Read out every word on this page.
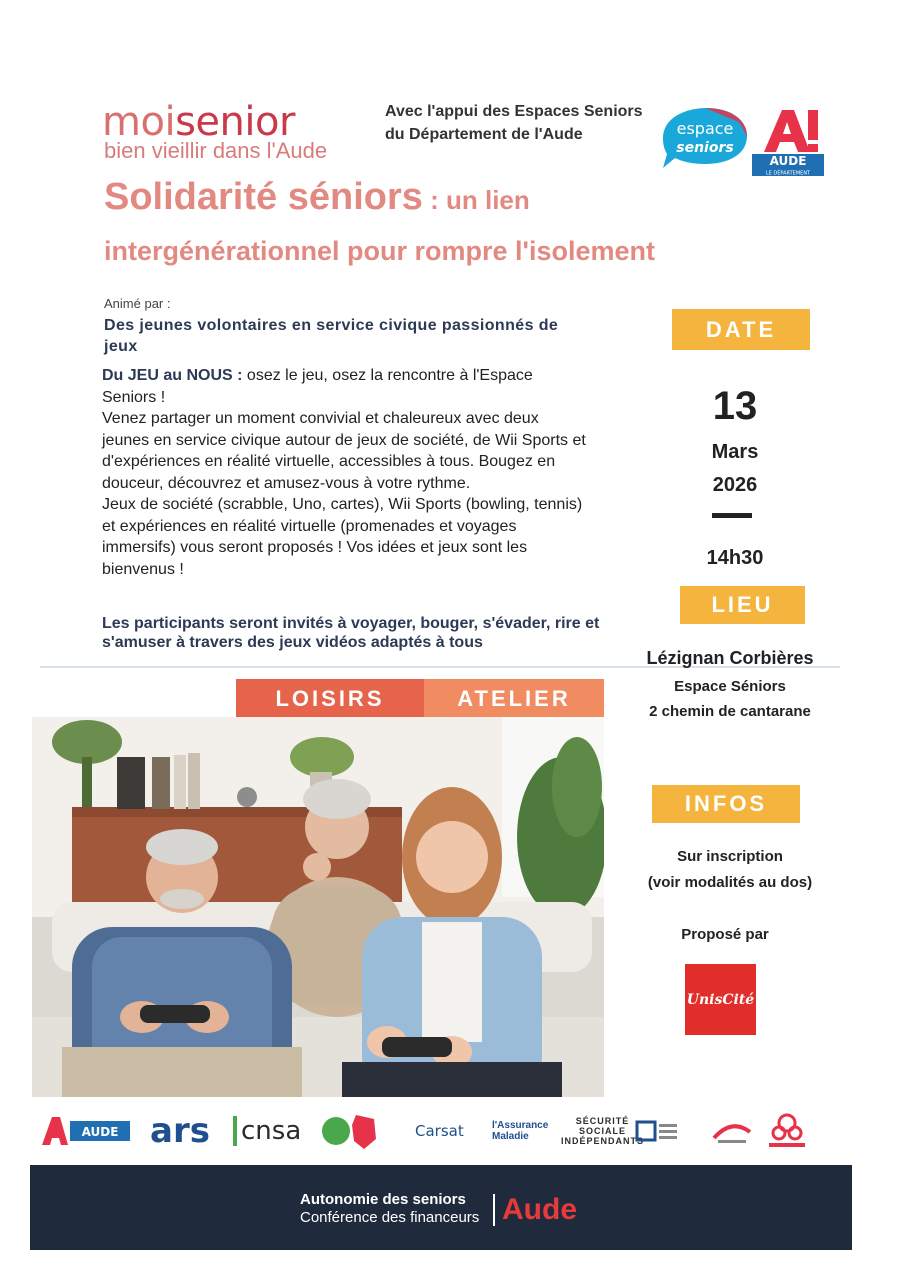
moisenior
bien vieillir dans l'Aude
Avec l'appui des Espaces Seniors
du Département de l'Aude	espace
seniors
AUDE
LE DÉPARTEMENT
Solidarité séniors : un lien
intergénérationnel pour rompre l'isolement
Animé par :
Des jeunes volontaires en service civique passionnés de jeux
Du JEU au NOUS : osez le jeu, osez la rencontre à l'Espace Seniors !
Venez partager un moment convivial et chaleureux avec deux jeunes en service civique autour de jeux de société, de Wii Sports et d'expériences en réalité virtuelle, accessibles à tous. Bougez en douceur, découvrez et amusez-vous à votre rythme.
Jeux de société (scrabble, Uno, cartes), Wii Sports (bowling, tennis) et expériences en réalité virtuelle (promenades et voyages immersifs) vous seront proposés ! Vos idées et jeux sont les bienvenus !
Les participants seront invités à voyager, bouger, s'évader, rire et s'amuser à travers des jeux vidéos adaptés à tous
DATE
13
Mars
2026
14h30
LIEU
Lézignan Corbières
Espace Séniors
2 chemin de cantarane
INFOS
Sur inscription
(voir modalités au dos)
Proposé par
UnisCité
LOISIRS	ATELIER
AUDE ars	cnsa	Carsat	l'Assurance Maladie
SÉCURITÉ
SOCIALE
INDÉPENDANTS
Autonomie des seniors
Conférence des financeurs Aude
